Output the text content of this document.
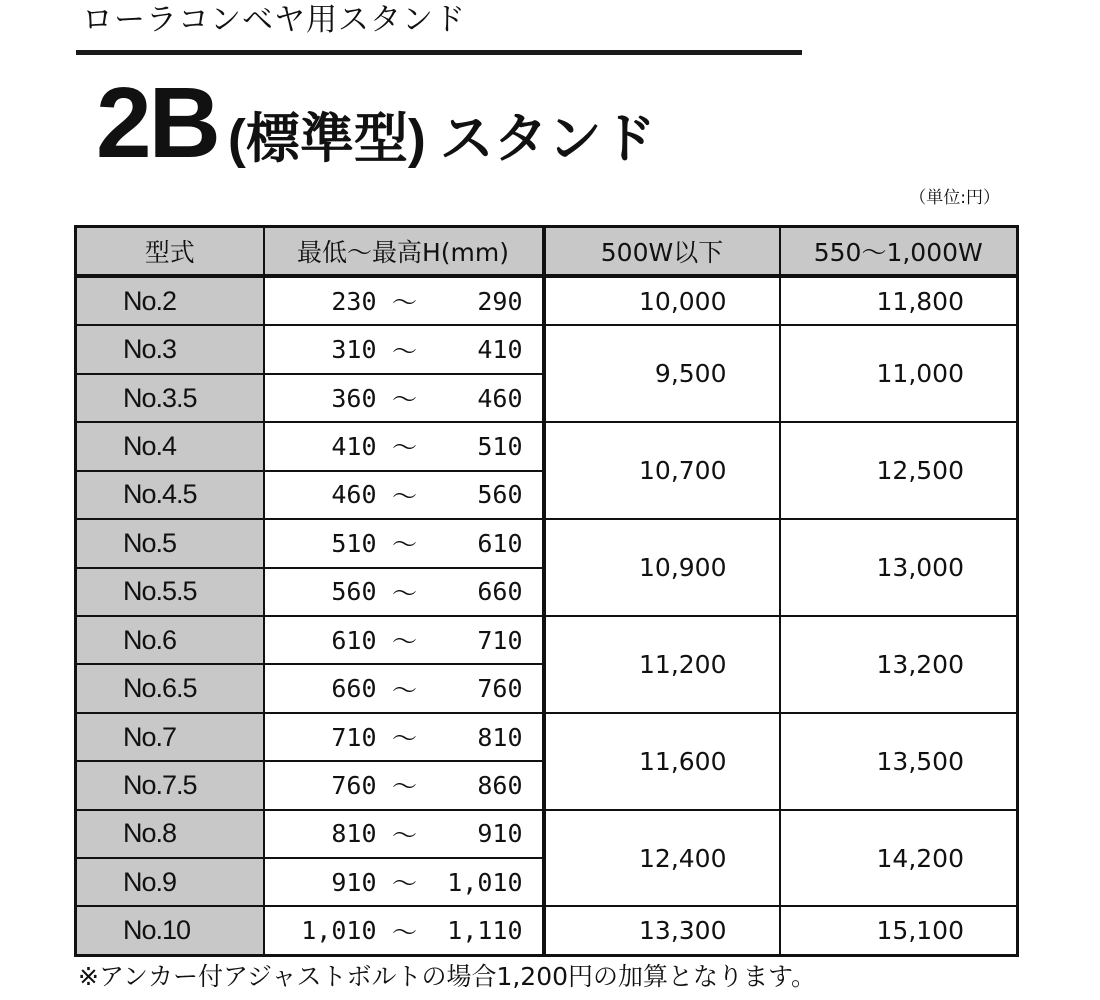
ローラコンベヤ用スタンド
2B (標準型) スタンド
（単位:円）
型式	最低～最高H(mm)	500W以下	550～1,000W
No.2	230 ～ 290	10,000	11,800
No.3	310 ～ 410	9,500	11,000
No.3.5	360 ～ 460		

No.4	410 ～ 510	10,700	12,500
No.4.5	460 ～ 560		

No.5	510 ～ 610	10,900	13,000
No.5.5	560 ～ 660		

No.6	610 ～ 710	11,200	13,200
No.6.5	660 ～ 760		

No.7	710 ～ 810	11,600	13,500
No.7.5	760 ～ 860		

No.8	810 ～ 910	12,400	14,200
No.9	910 ～ 1,010		

No.10	1,010 ～ 1,110	13,300	15,100
※アンカー付アジャストボルトの場合1,200円の加算となります。
